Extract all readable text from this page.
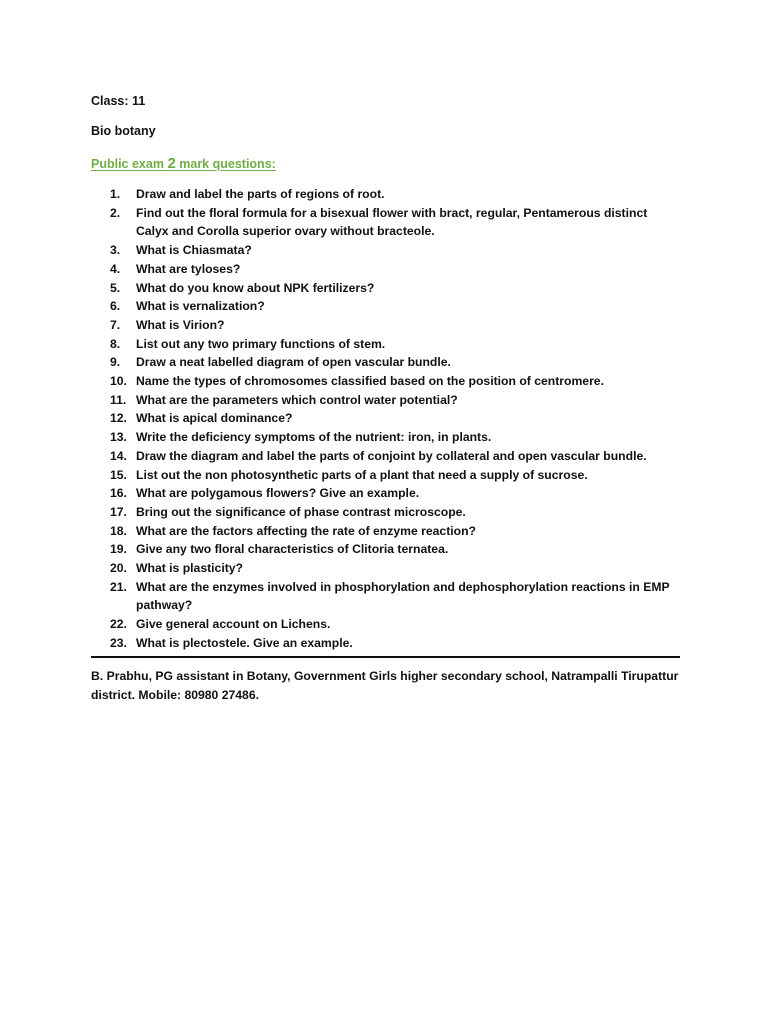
Class: 11
Bio botany
Public exam 2 mark questions:
1.	Draw and label the parts of regions of root.
2.	Find out the floral formula for a bisexual flower with bract, regular, Pentamerous distinct Calyx and Corolla superior ovary without bracteole.
3.	What is Chiasmata?
4.	What are tyloses?
5.	What do you know about NPK fertilizers?
6.	What is vernalization?
7.	What is Virion?
8.	List out any two primary functions of stem.
9.	Draw a neat labelled diagram of open vascular bundle.
10. Name the types of chromosomes classified based on the position of centromere.
11. What are the parameters which control water potential?
12. What is apical dominance?
13. Write the deficiency symptoms of the nutrient: iron, in plants.
14. Draw the diagram and label the parts of conjoint by collateral and open vascular bundle.
15. List out the non photosynthetic parts of a plant that need a supply of sucrose.
16. What are polygamous flowers? Give an example.
17. Bring out the significance of phase contrast microscope.
18. What are the factors affecting the rate of enzyme reaction?
19. Give any two floral characteristics of Clitoria ternatea.
20. What is plasticity?
21. What are the enzymes involved in phosphorylation and dephosphorylation reactions in EMP pathway?
22. Give general account on Lichens.
23. What is plectostele. Give an example.
B. Prabhu, PG assistant in Botany, Government Girls higher secondary school, Natrampalli Tirupattur district. Mobile: 80980 27486.
